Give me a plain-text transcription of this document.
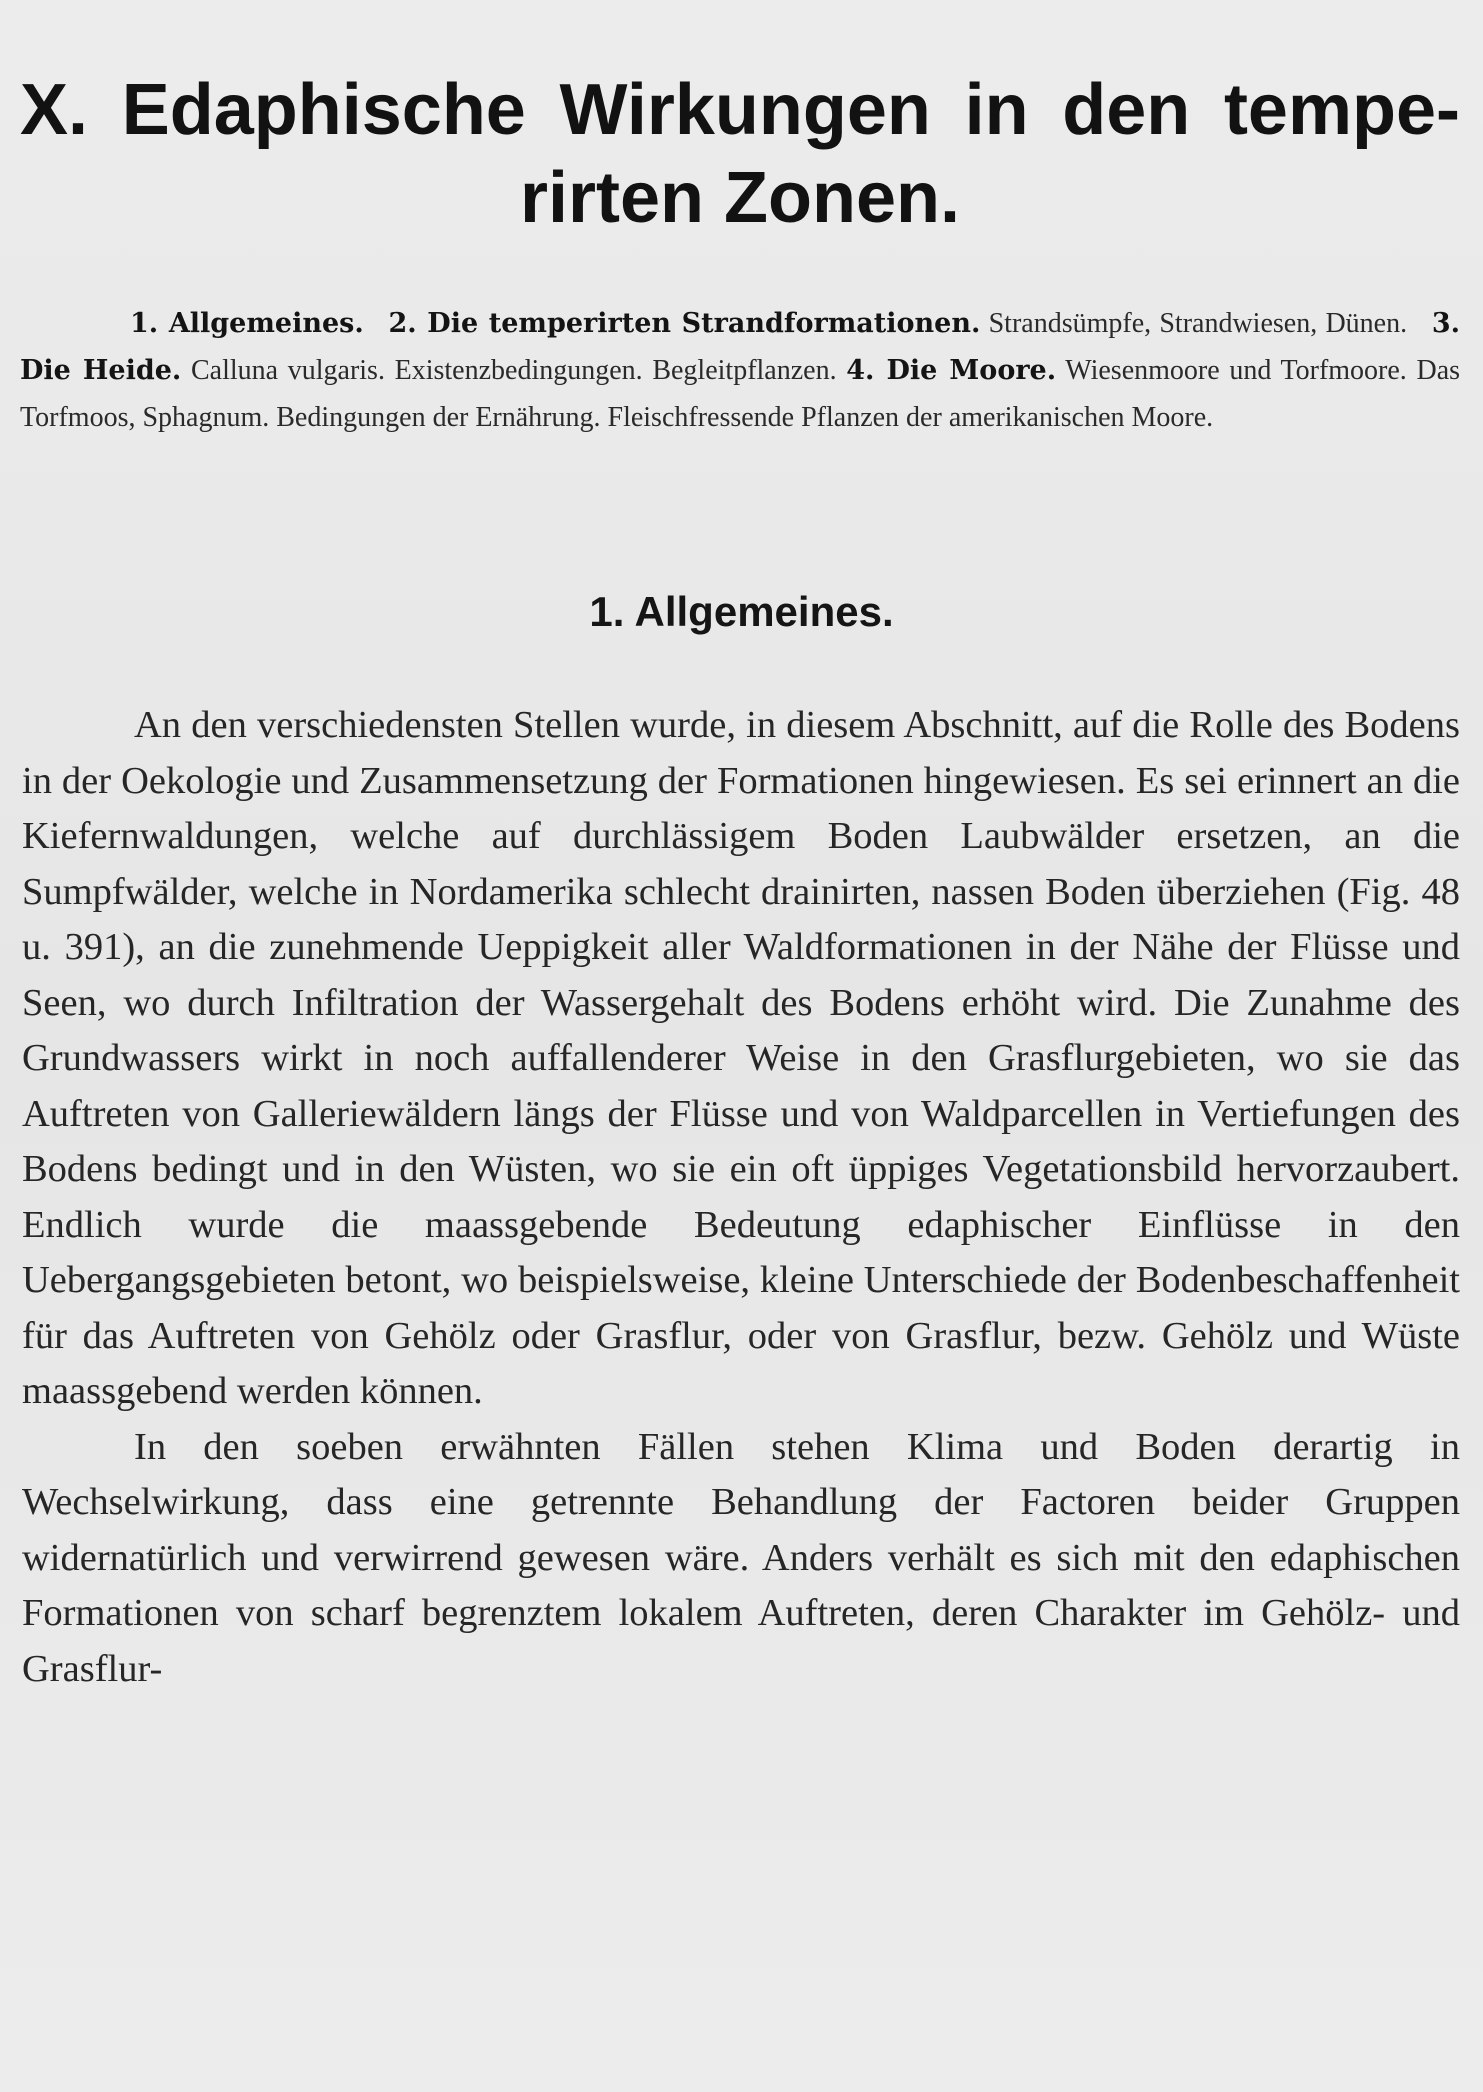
X. Edaphische Wirkungen in den tempe-
rirten Zonen.

1. Allgemeines. 2. Die temperirten Strandformationen. Strandsümpfe, Strandwiesen, Dünen. 3. Die Heide. Calluna vulgaris. Existenzbedingungen. Begleitpflanzen. 4. Die Moore. Wiesenmoore und Torfmoore. Das Torfmoos, Sphagnum. Bedingungen der Ernährung. Fleischfressende Pflanzen der amerikanischen Moore.

1. Allgemeines.

An den verschiedensten Stellen wurde, in diesem Abschnitt, auf die Rolle des Bodens in der Oekologie und Zusammensetzung der Formationen hingewiesen. Es sei erinnert an die Kiefernwaldungen, welche auf durchlässigem Boden Laubwälder ersetzen, an die Sumpfwälder, welche in Nordamerika schlecht drainirten, nassen Boden überziehen (Fig. 48 u. 391), an die zunehmende Ueppigkeit aller Waldformationen in der Nähe der Flüsse und Seen, wo durch Infiltration der Wassergehalt des Bodens erhöht wird. Die Zunahme des Grundwassers wirkt in noch auffallenderer Weise in den Grasflurgebieten, wo sie das Auftreten von Galleriewäldern längs der Flüsse und von Waldparcellen in Vertiefungen des Bodens bedingt und in den Wüsten, wo sie ein oft üppiges Vegetationsbild hervorzaubert. Endlich wurde die maassgebende Bedeutung edaphischer Einflüsse in den Uebergangsgebieten betont, wo beispielsweise, kleine Unterschiede der Bodenbeschaffenheit für das Auftreten von Gehölz oder Grasflur, oder von Grasflur, bezw. Gehölz und Wüste maassgebend werden können.

In den soeben erwähnten Fällen stehen Klima und Boden derartig in Wechselwirkung, dass eine getrennte Behandlung der Factoren beider Gruppen widernatürlich und verwirrend gewesen wäre. Anders verhält es sich mit den edaphischen Formationen von scharf begrenztem lokalem Auftreten, deren Charakter im Gehölz- und Grasflur-
